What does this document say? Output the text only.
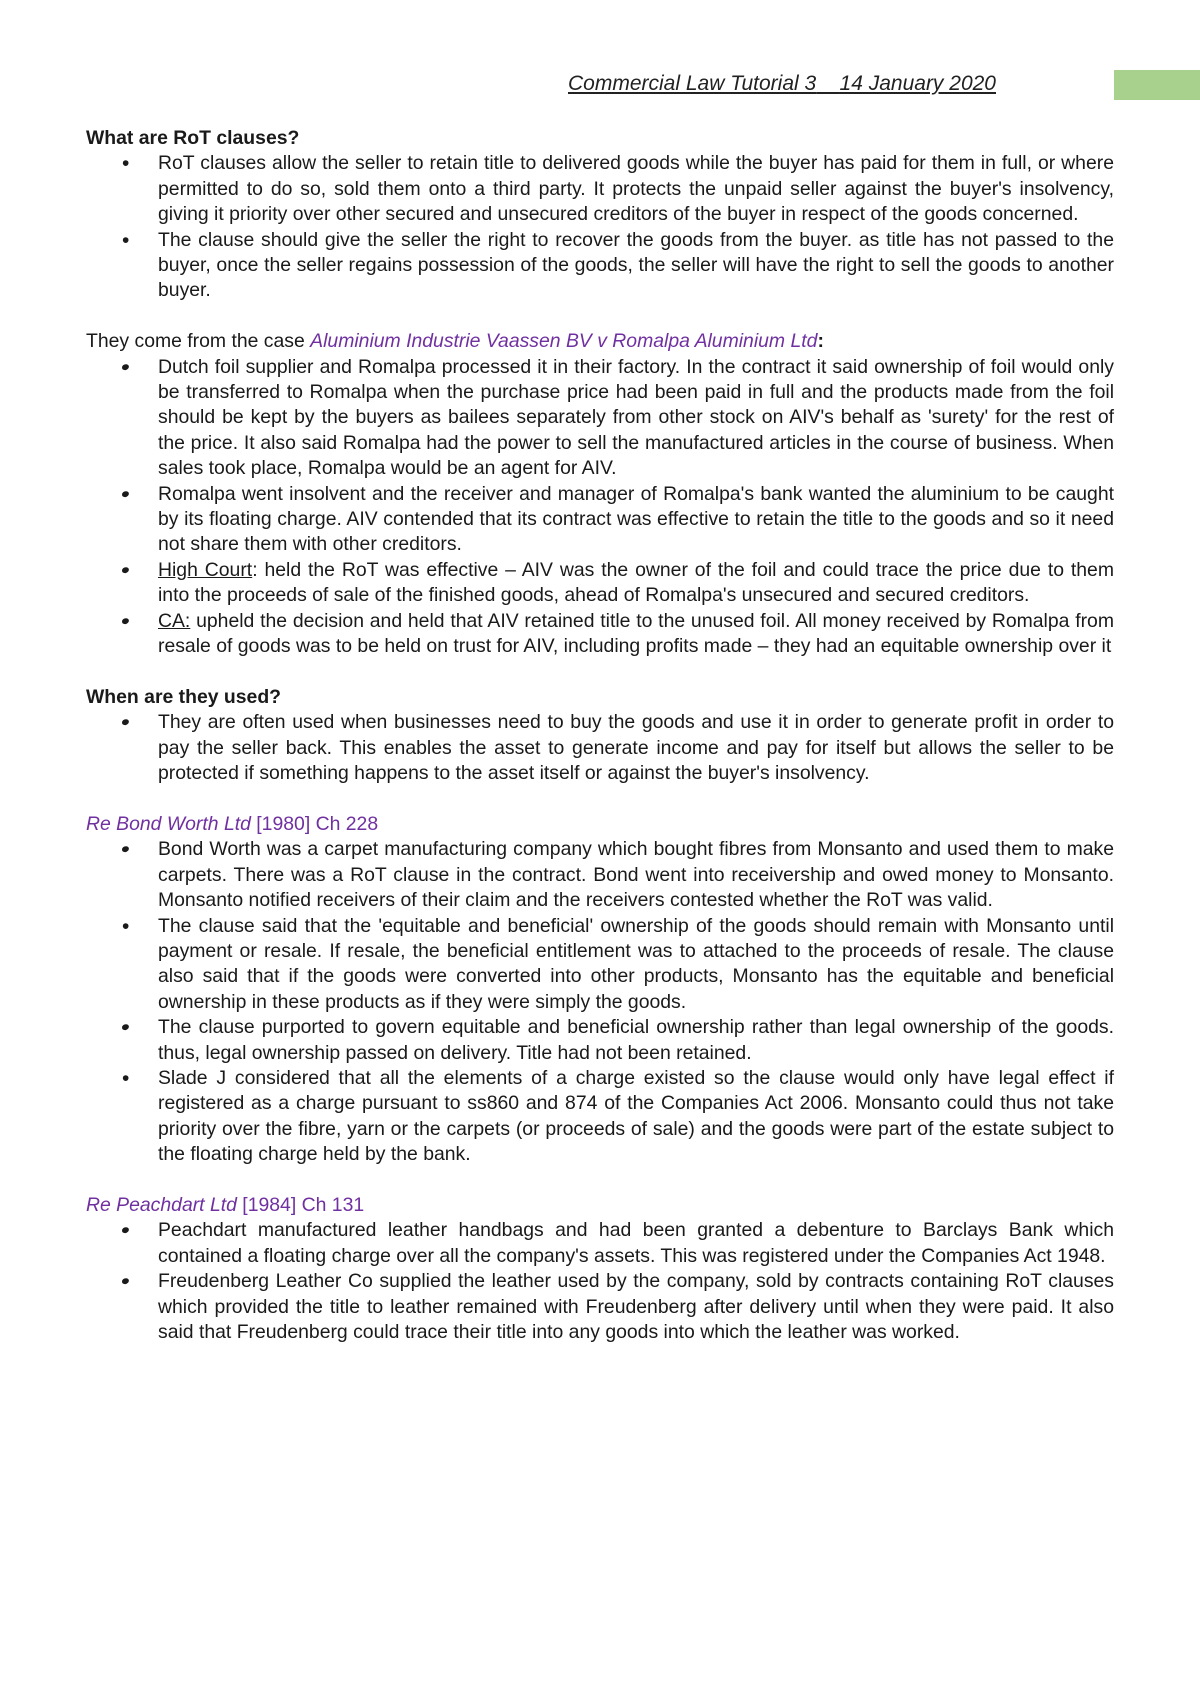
Commercial Law Tutorial 3 14 January 2020

What are RoT clauses?

• RoT clauses allow the seller to retain title to delivered goods while the buyer has paid for them in full, or where permitted to do so, sold them onto a third party. It protects the unpaid seller against the buyer's insolvency, giving it priority over other secured and unsecured creditors of the buyer in respect of the goods concerned.
• The clause should give the seller the right to recover the goods from the buyer. as title has not passed to the buyer, once the seller regains possession of the goods, the seller will have the right to sell the goods to another buyer.

They come from the case Aluminium Industrie Vaassen BV v Romalpa Aluminium Ltd:

• Dutch foil supplier and Romalpa processed it in their factory. In the contract it said ownership of foil would only be transferred to Romalpa when the purchase price had been paid in full and the products made from the foil should be kept by the buyers as bailees separately from other stock on AIV's behalf as 'surety' for the rest of the price. It also said Romalpa had the power to sell the manufactured articles in the course of business. When sales took place, Romalpa would be an agent for AIV.
• Romalpa went insolvent and the receiver and manager of Romalpa's bank wanted the aluminium to be caught by its floating charge. AIV contended that its contract was effective to retain the title to the goods and so it need not share them with other creditors.
• High Court: held the RoT was effective – AIV was the owner of the foil and could trace the price due to them into the proceeds of sale of the finished goods, ahead of Romalpa's unsecured and secured creditors.
• CA: upheld the decision and held that AIV retained title to the unused foil. All money received by Romalpa from resale of goods was to be held on trust for AIV, including profits made – they had an equitable ownership over it

When are they used?

• They are often used when businesses need to buy the goods and use it in order to generate profit in order to pay the seller back. This enables the asset to generate income and pay for itself but allows the seller to be protected if something happens to the asset itself or against the buyer's insolvency.

Re Bond Worth Ltd [1980] Ch 228

• Bond Worth was a carpet manufacturing company which bought fibres from Monsanto and used them to make carpets. There was a RoT clause in the contract. Bond went into receivership and owed money to Monsanto. Monsanto notified receivers of their claim and the receivers contested whether the RoT was valid.
• The clause said that the 'equitable and beneficial' ownership of the goods should remain with Monsanto until payment or resale. If resale, the beneficial entitlement was to attached to the proceeds of resale. The clause also said that if the goods were converted into other products, Monsanto has the equitable and beneficial ownership in these products as if they were simply the goods.
• The clause purported to govern equitable and beneficial ownership rather than legal ownership of the goods. thus, legal ownership passed on delivery. Title had not been retained.
• Slade J considered that all the elements of a charge existed so the clause would only have legal effect if registered as a charge pursuant to ss860 and 874 of the Companies Act 2006. Monsanto could thus not take priority over the fibre, yarn or the carpets (or proceeds of sale) and the goods were part of the estate subject to the floating charge held by the bank.

Re Peachdart Ltd [1984] Ch 131

• Peachdart manufactured leather handbags and had been granted a debenture to Barclays Bank which contained a floating charge over all the company's assets. This was registered under the Companies Act 1948.
• Freudenberg Leather Co supplied the leather used by the company, sold by contracts containing RoT clauses which provided the title to leather remained with Freudenberg after delivery until when they were paid. It also said that Freudenberg could trace their title into any goods into which the leather was worked.
